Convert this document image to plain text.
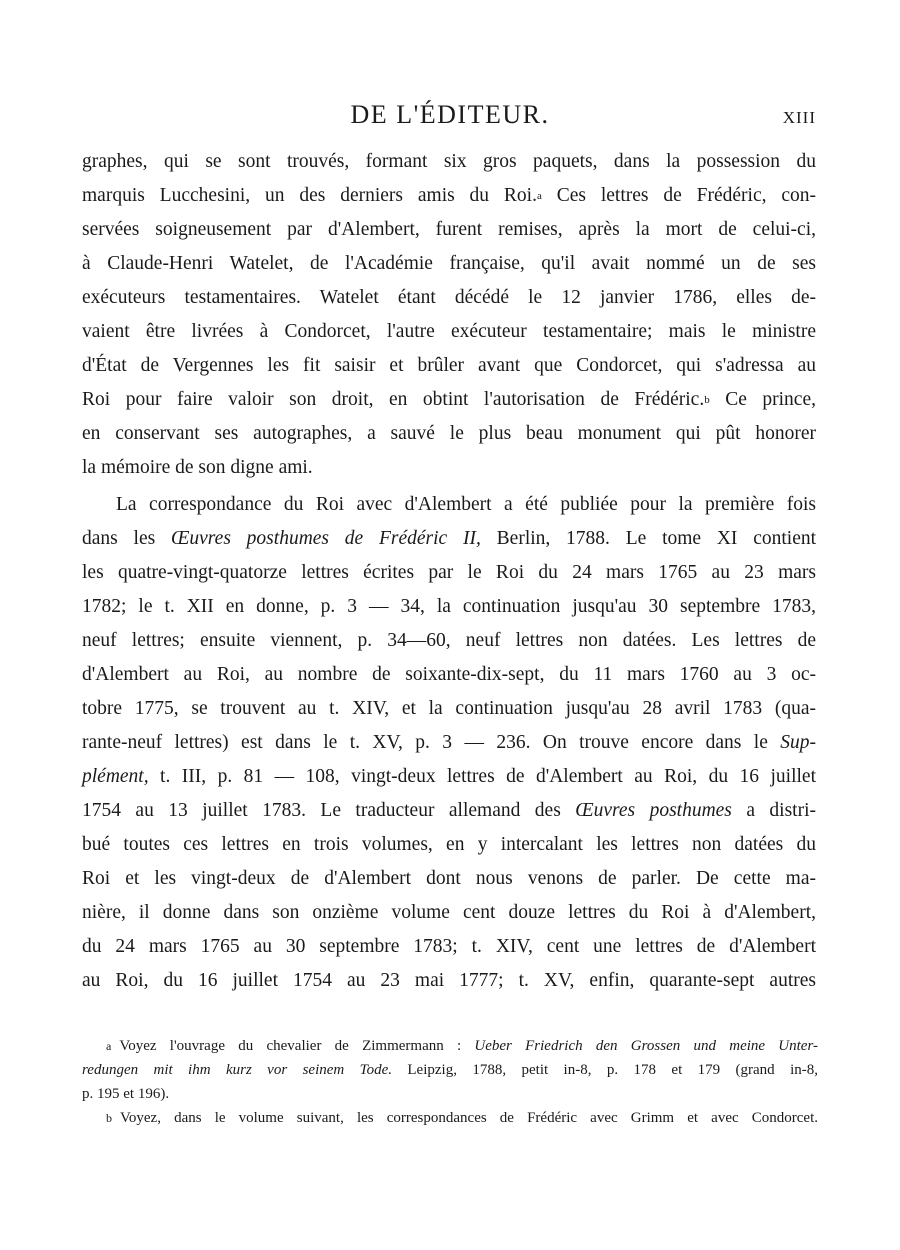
DE L'ÉDITEUR.	XIII
graphes, qui se sont trouvés, formant six gros paquets, dans la possession du
marquis Lucchesini, un des derniers amis du Roi.a Ces lettres de Frédéric, con-
servées soigneusement par d'Alembert, furent remises, après la mort de celui-ci,
à Claude-Henri Watelet, de l'Académie française, qu'il avait nommé un de ses
exécuteurs testamentaires. Watelet étant décédé le 12 janvier 1786, elles de-
vaient être livrées à Condorcet, l'autre exécuteur testamentaire; mais le ministre
d'État de Vergennes les fit saisir et brûler avant que Condorcet, qui s'adressa au
Roi pour faire valoir son droit, en obtint l'autorisation de Frédéric.b Ce prince,
en conservant ses autographes, a sauvé le plus beau monument qui pût honorer
la mémoire de son digne ami.
La correspondance du Roi avec d'Alembert a été publiée pour la première fois
dans les Œuvres posthumes de Frédéric II, Berlin, 1788. Le tome XI contient
les quatre-vingt-quatorze lettres écrites par le Roi du 24 mars 1765 au 23 mars
1782; le t. XII en donne, p. 3 — 34, la continuation jusqu'au 30 septembre 1783,
neuf lettres; ensuite viennent, p. 34—60, neuf lettres non datées. Les lettres de
d'Alembert au Roi, au nombre de soixante-dix-sept, du 11 mars 1760 au 3 oc-
tobre 1775, se trouvent au t. XIV, et la continuation jusqu'au 28 avril 1783 (qua-
rante-neuf lettres) est dans le t. XV, p. 3 — 236. On trouve encore dans le Sup-
plément, t. III, p. 81 — 108, vingt-deux lettres de d'Alembert au Roi, du 16 juillet
1754 au 13 juillet 1783. Le traducteur allemand des Œuvres posthumes a distri-
bué toutes ces lettres en trois volumes, en y intercalant les lettres non datées du
Roi et les vingt-deux de d'Alembert dont nous venons de parler. De cette ma-
nière, il donne dans son onzième volume cent douze lettres du Roi à d'Alembert,
du 24 mars 1765 au 30 septembre 1783; t. XIV, cent une lettres de d'Alembert
au Roi, du 16 juillet 1754 au 23 mai 1777; t. XV, enfin, quarante-sept autres
a Voyez l'ouvrage du chevalier de Zimmermann : Ueber Friedrich den Grossen und meine Unter-
redungen mit ihm kurz vor seinem Tode. Leipzig, 1788, petit in-8, p. 178 et 179 (grand in-8,
p. 195 et 196).
b Voyez, dans le volume suivant, les correspondances de Frédéric avec Grimm et avec Condorcet.
